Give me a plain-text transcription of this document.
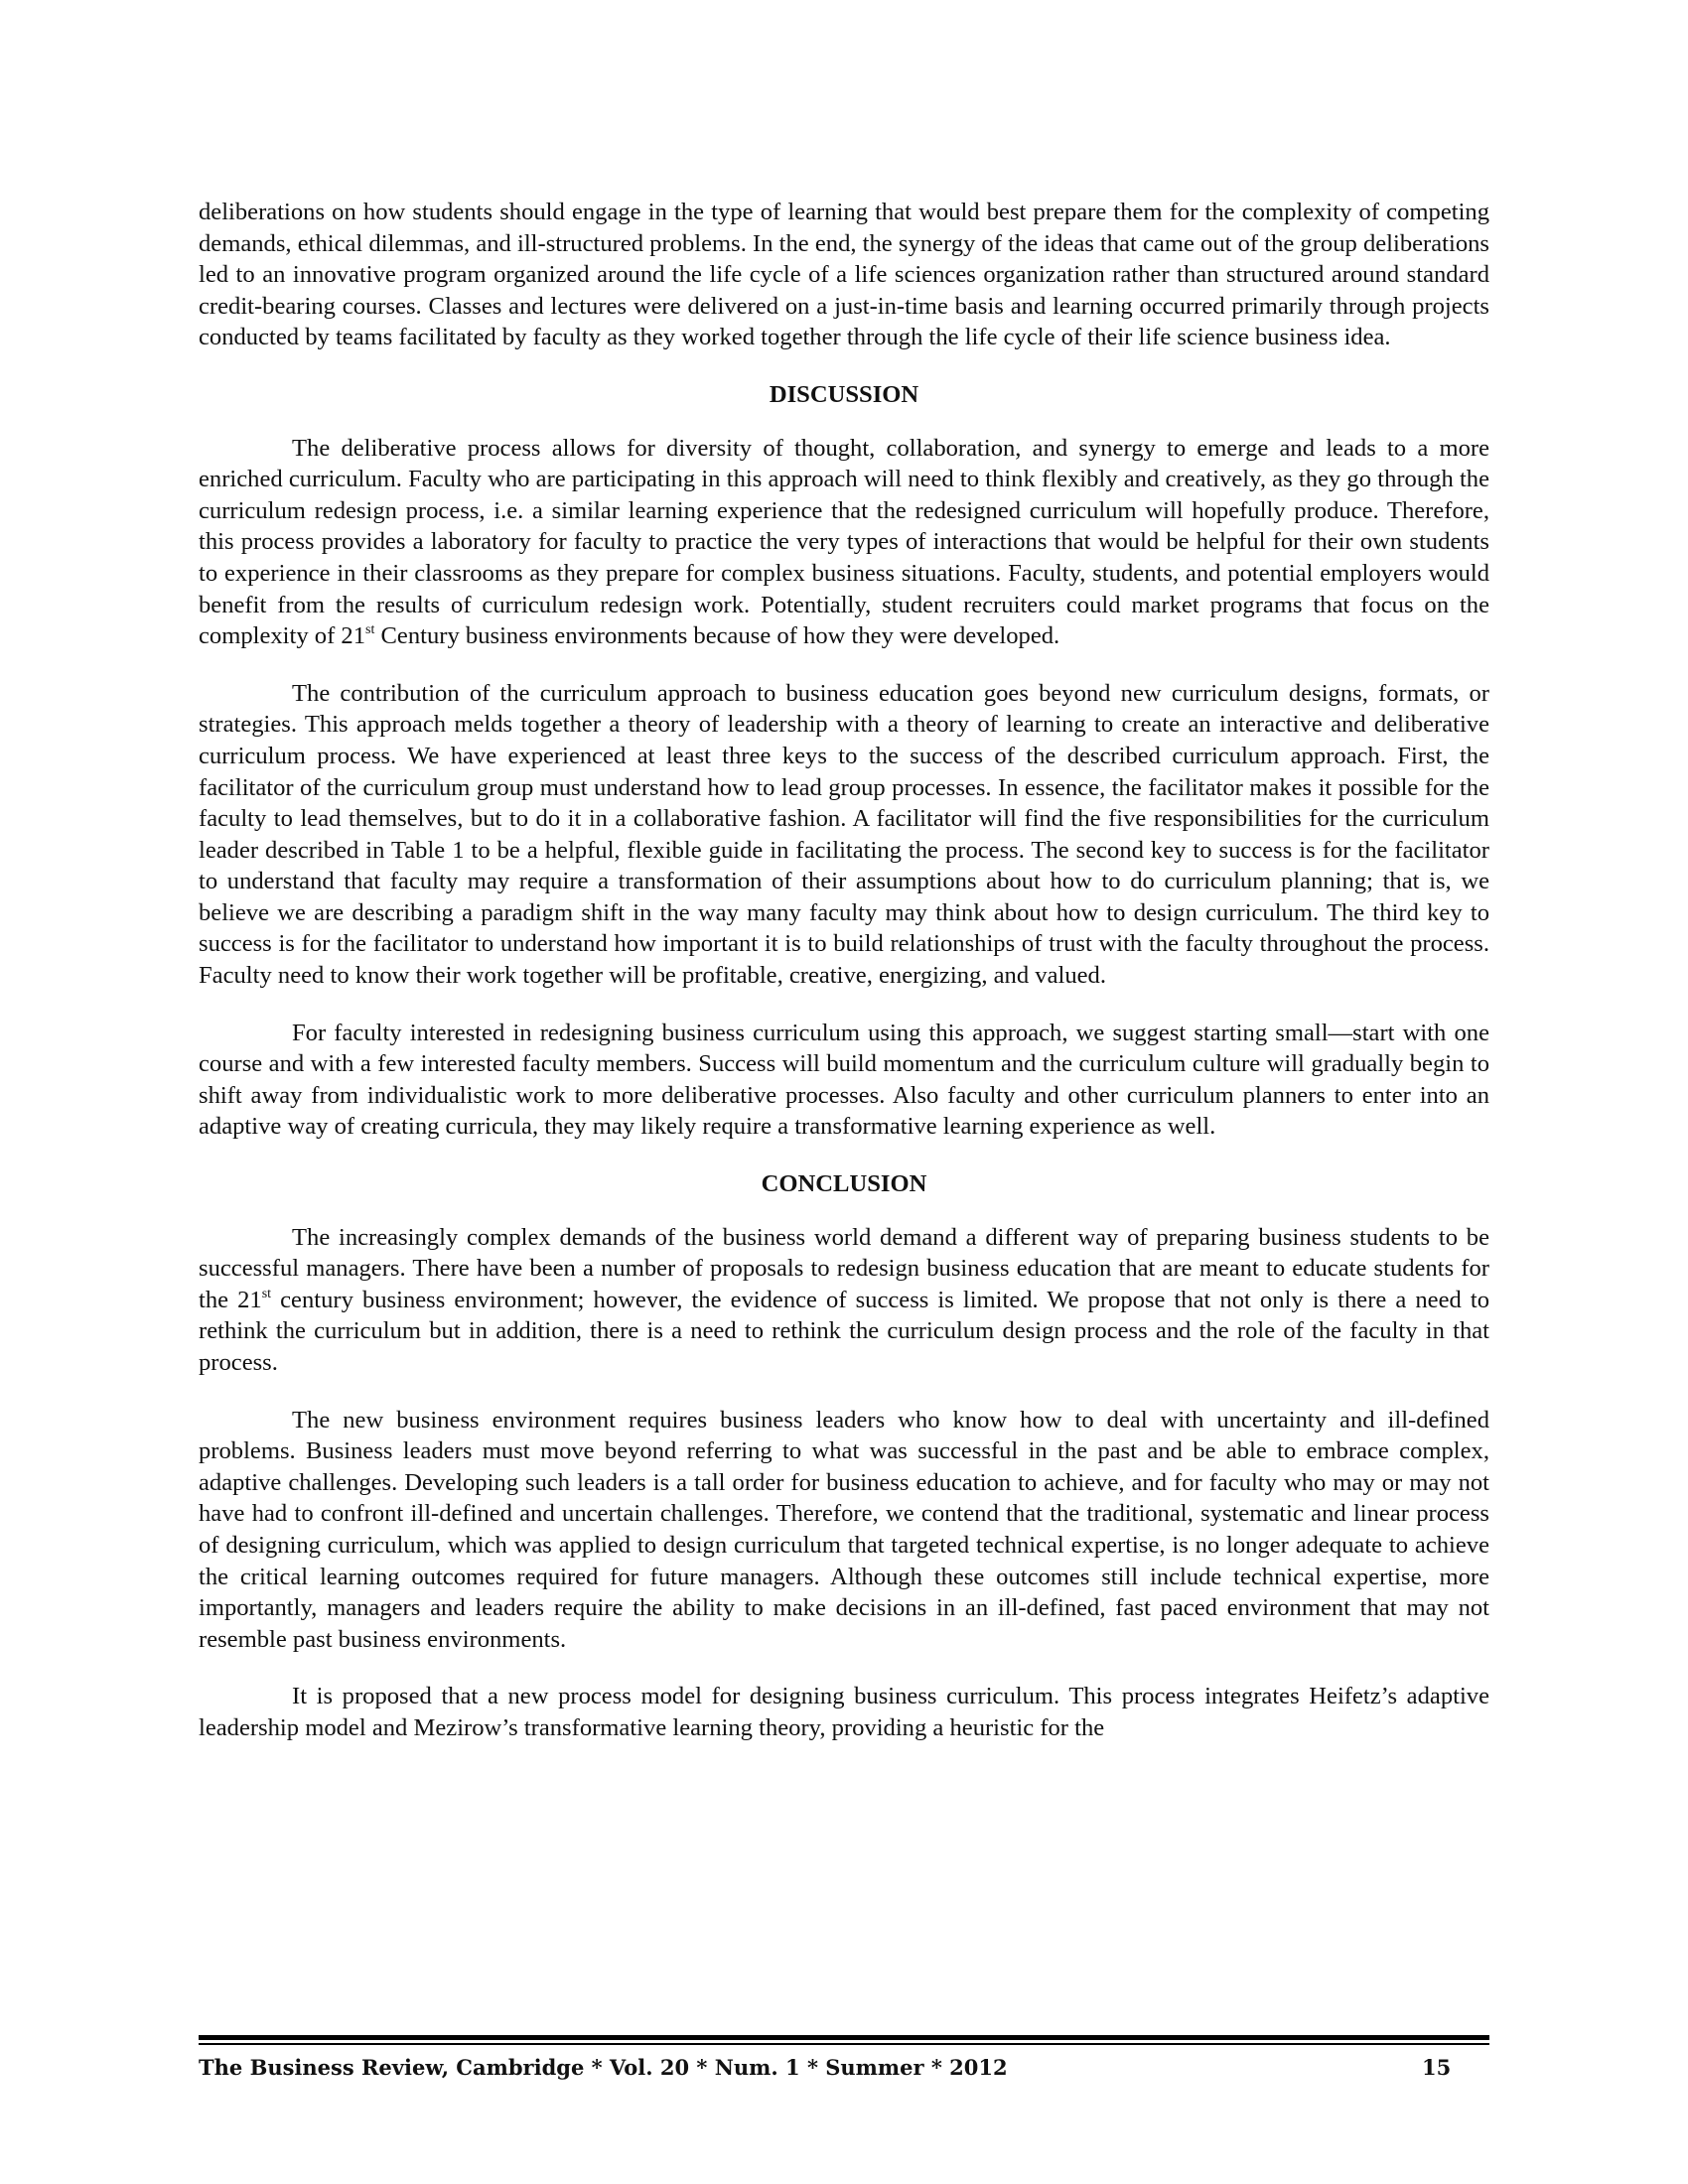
deliberations on how students should engage in the type of learning that would best prepare them for the complexity of competing demands, ethical dilemmas, and ill-structured problems. In the end, the synergy of the ideas that came out of the group deliberations led to an innovative program organized around the life cycle of a life sciences organization rather than structured around standard credit-bearing courses. Classes and lectures were delivered on a just-in-time basis and learning occurred primarily through projects conducted by teams facilitated by faculty as they worked together through the life cycle of their life science business idea.

DISCUSSION

The deliberative process allows for diversity of thought, collaboration, and synergy to emerge and leads to a more enriched curriculum. Faculty who are participating in this approach will need to think flexibly and creatively, as they go through the curriculum redesign process, i.e. a similar learning experience that the redesigned curriculum will hopefully produce. Therefore, this process provides a laboratory for faculty to practice the very types of interactions that would be helpful for their own students to experience in their classrooms as they prepare for complex business situations. Faculty, students, and potential employers would benefit from the results of curriculum redesign work. Potentially, student recruiters could market programs that focus on the complexity of 21st Century business environments because of how they were developed.

The contribution of the curriculum approach to business education goes beyond new curriculum designs, formats, or strategies. This approach melds together a theory of leadership with a theory of learning to create an interactive and deliberative curriculum process. We have experienced at least three keys to the success of the described curriculum approach. First, the facilitator of the curriculum group must understand how to lead group processes. In essence, the facilitator makes it possible for the faculty to lead themselves, but to do it in a collaborative fashion. A facilitator will find the five responsibilities for the curriculum leader described in Table 1 to be a helpful, flexible guide in facilitating the process. The second key to success is for the facilitator to understand that faculty may require a transformation of their assumptions about how to do curriculum planning; that is, we believe we are describing a paradigm shift in the way many faculty may think about how to design curriculum. The third key to success is for the facilitator to understand how important it is to build relationships of trust with the faculty throughout the process. Faculty need to know their work together will be profitable, creative, energizing, and valued.

For faculty interested in redesigning business curriculum using this approach, we suggest starting small—start with one course and with a few interested faculty members. Success will build momentum and the curriculum culture will gradually begin to shift away from individualistic work to more deliberative processes. Also faculty and other curriculum planners to enter into an adaptive way of creating curricula, they may likely require a transformative learning experience as well.

CONCLUSION

The increasingly complex demands of the business world demand a different way of preparing business students to be successful managers. There have been a number of proposals to redesign business education that are meant to educate students for the 21st century business environment; however, the evidence of success is limited. We propose that not only is there a need to rethink the curriculum but in addition, there is a need to rethink the curriculum design process and the role of the faculty in that process.

The new business environment requires business leaders who know how to deal with uncertainty and ill-defined problems. Business leaders must move beyond referring to what was successful in the past and be able to embrace complex, adaptive challenges. Developing such leaders is a tall order for business education to achieve, and for faculty who may or may not have had to confront ill-defined and uncertain challenges. Therefore, we contend that the traditional, systematic and linear process of designing curriculum, which was applied to design curriculum that targeted technical expertise, is no longer adequate to achieve the critical learning outcomes required for future managers. Although these outcomes still include technical expertise, more importantly, managers and leaders require the ability to make decisions in an ill-defined, fast paced environment that may not resemble past business environments.

It is proposed that a new process model for designing business curriculum. This process integrates Heifetz’s adaptive leadership model and Mezirow’s transformative learning theory, providing a heuristic for the

The Business Review, Cambridge * Vol. 20 * Num. 1 * Summer * 2012	15
